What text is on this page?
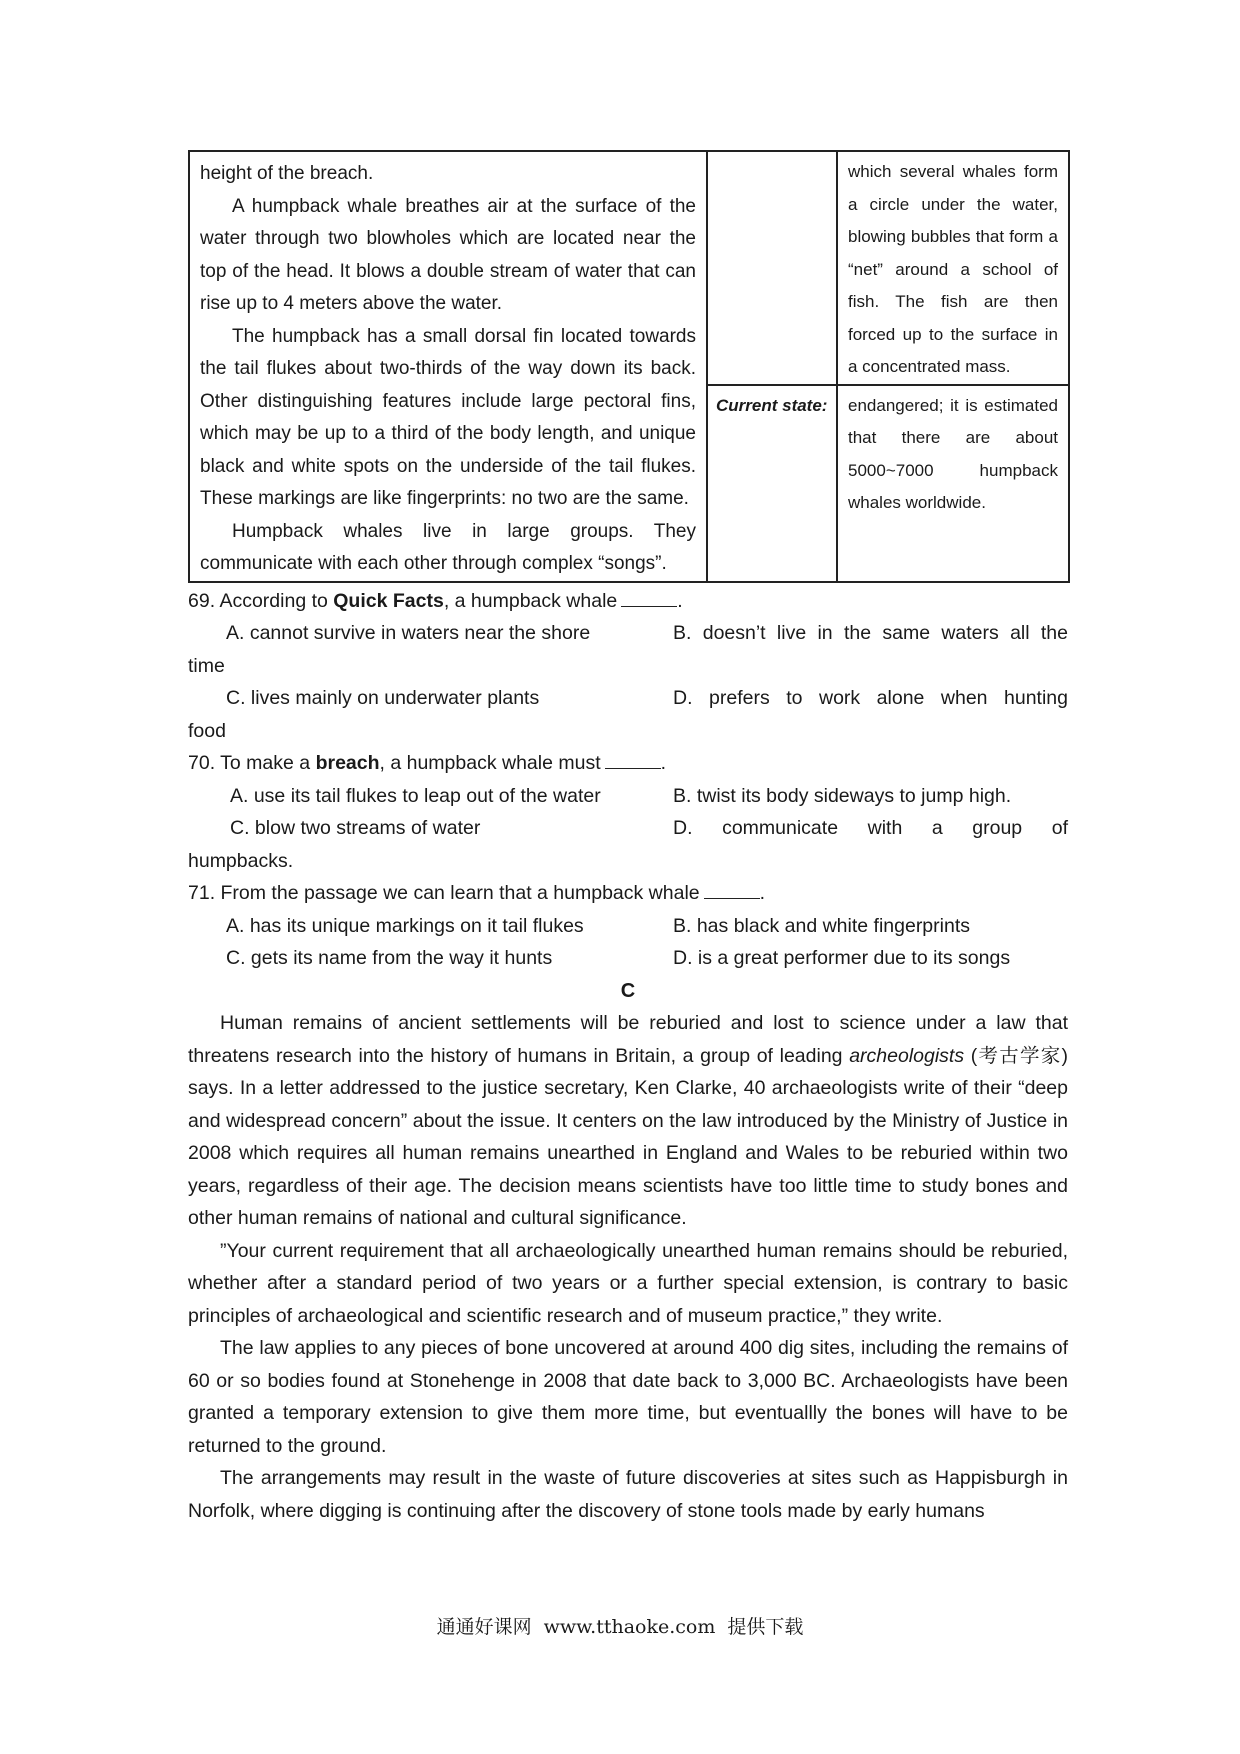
height of the breach.

A humpback whale breathes air at the surface of the water through two blowholes which are located near the top of the head. It blows a double stream of water that can rise up to 4 meters above the water.

The humpback has a small dorsal fin located towards the tail flukes about two-thirds of the way down its back. Other distinguishing features include large pectoral fins, which may be up to a third of the body length, and unique black and white spots on the underside of the tail flukes. These markings are like fingerprints: no two are the same.

Humpback whales live in large groups. They communicate with each other through complex “songs”.		which several whales form a circle under the water, blowing bubbles that form a “net” around a school of fish. The fish are then forced up to the surface in a concentrated mass.

	Current state:	endangered; it is estimated that there are about 5000~7000 humpback whales worldwide.

69. According to Quick Facts, a humpback whale	.

A. cannot survive in waters near the shore	B. doesn’t live in the same waters all the

time

C. lives mainly on underwater plants	D. prefers to work alone when hunting

food

70. To make a breach, a humpback whale must	.

A. use its tail flukes to leap out of the water	B. twist its body sideways to jump high.
C. blow two streams of water	D. communicate with a group of

humpbacks.

71. From the passage we can learn that a humpback whale	.

A. has its unique markings on it tail flukes	B. has black and white fingerprints
C. gets its name from the way it hunts	D. is a great performer due to its songs

C

Human remains of ancient settlements will be reburied and lost to science under a law that threatens research into the history of humans in Britain, a group of leading archeologists (考古学家) says. In a letter addressed to the justice secretary, Ken Clarke, 40 archaeologists write of their “deep and widespread concern” about the issue. It centers on the law introduced by the Ministry of Justice in 2008 which requires all human remains unearthed in England and Wales to be reburied within two years, regardless of their age. The decision means scientists have too little time to study bones and other human remains of national and cultural significance.

”Your current requirement that all archaeologically unearthed human remains should be reburied, whether after a standard period of two years or a further special extension, is contrary to basic principles of archaeological and scientific research and of museum practice,” they write.

The law applies to any pieces of bone uncovered at around 400 dig sites, including the remains of 60 or so bodies found at Stonehenge in 2008 that date back to 3,000 BC. Archaeologists have been granted a temporary extension to give them more time, but eventuallly the bones will have to be returned to the ground.

The arrangements may result in the waste of future discoveries at sites such as Happisburgh in Norfolk, where digging is continuing after the discovery of stone tools made by early humans

通通好课网 www.tthaoke.com 提供下载
